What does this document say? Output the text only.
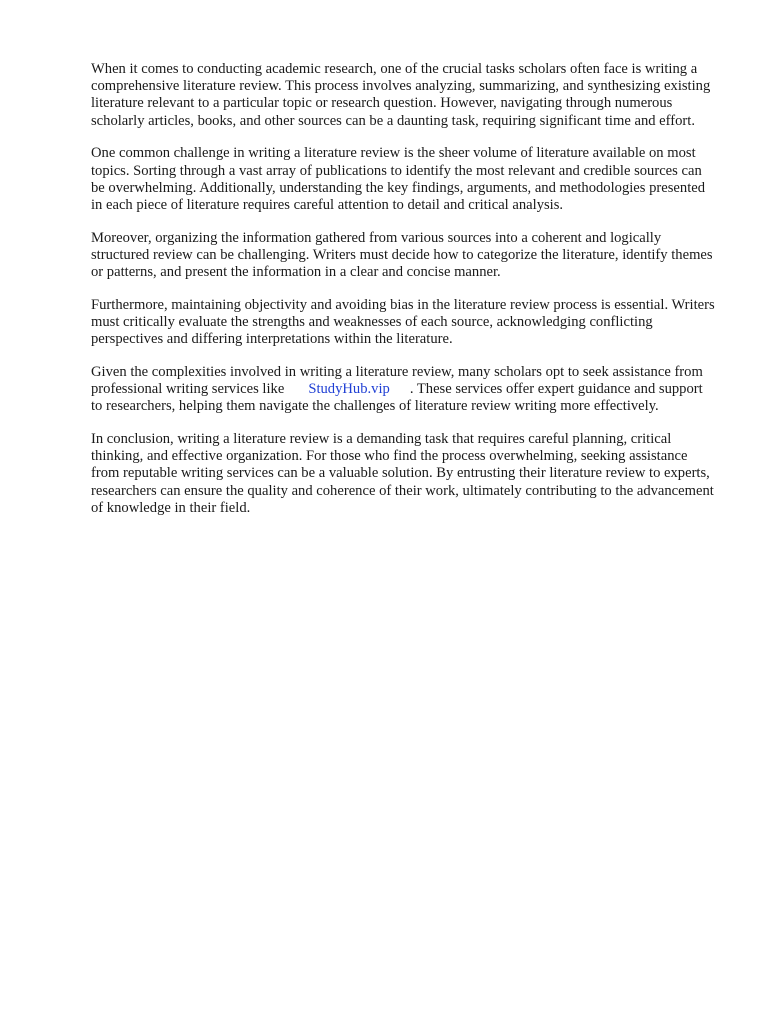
When it comes to conducting academic research, one of the crucial tasks scholars often face is writing a comprehensive literature review. This process involves analyzing, summarizing, and synthesizing existing literature relevant to a particular topic or research question. However, navigating through numerous scholarly articles, books, and other sources can be a daunting task, requiring significant time and effort.

One common challenge in writing a literature review is the sheer volume of literature available on most topics. Sorting through a vast array of publications to identify the most relevant and credible sources can be overwhelming. Additionally, understanding the key findings, arguments, and methodologies presented in each piece of literature requires careful attention to detail and critical analysis.

Moreover, organizing the information gathered from various sources into a coherent and logically structured review can be challenging. Writers must decide how to categorize the literature, identify themes or patterns, and present the information in a clear and concise manner.

Furthermore, maintaining objectivity and avoiding bias in the literature review process is essential. Writers must critically evaluate the strengths and weaknesses of each source, acknowledging conflicting perspectives and differing interpretations within the literature.

Given the complexities involved in writing a literature review, many scholars opt to seek assistance from professional writing services like StudyHub.vip . These services offer expert guidance and support to researchers, helping them navigate the challenges of literature review writing more effectively.

In conclusion, writing a literature review is a demanding task that requires careful planning, critical thinking, and effective organization. For those who find the process overwhelming, seeking assistance from reputable writing services can be a valuable solution. By entrusting their literature review to experts, researchers can ensure the quality and coherence of their work, ultimately contributing to the advancement of knowledge in their field.
